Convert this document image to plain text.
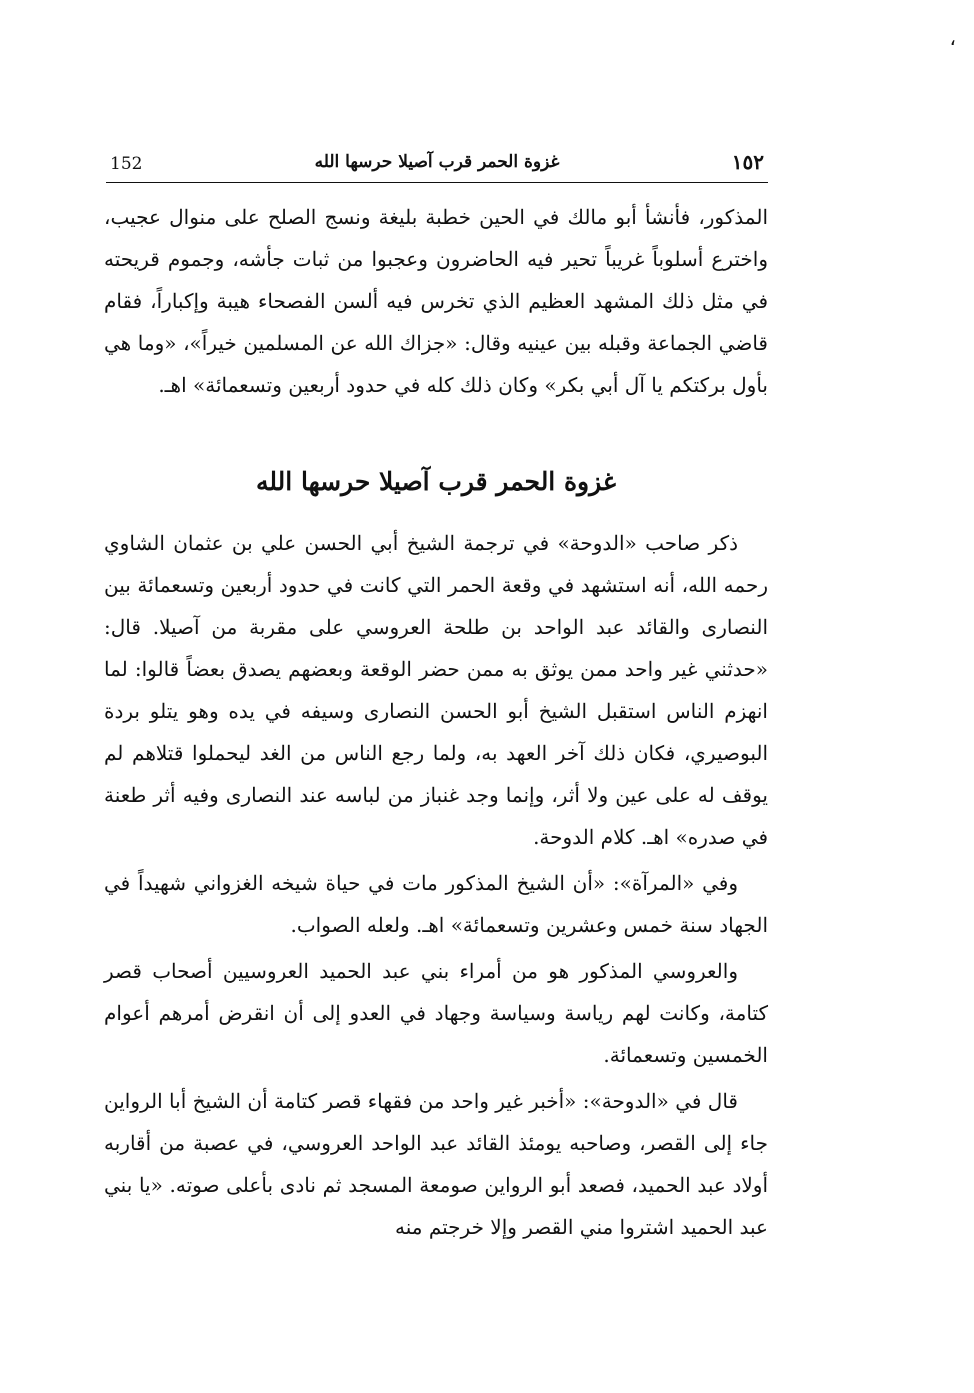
،
152	غزوة الحمر قرب آصيلا حرسها الله	١٥٢

المذكور، فأنشأ أبو مالك في الحين خطبة بليغة ونسج الصلح على منوال عجيب، واخترع أسلوباً غريباً تحير فيه الحاضرون وعجبوا من ثبات جأشه، وجموم قريحته في مثل ذلك المشهد العظيم الذي تخرس فيه ألسن الفصحاء هيبة وإكباراً، فقام قاضي الجماعة وقبله بين عينيه وقال: «جزاك الله عن المسلمين خيراً»، «وما هي بأول بركتكم يا آل أبي بكر» وكان ذلك كله في حدود أربعين وتسعمائة» اهـ.

غزوة الحمر قرب آصيلا حرسها الله

ذكر صاحب «الدوحة» في ترجمة الشيخ أبي الحسن علي بن عثمان الشاوي رحمه الله، أنه استشهد في وقعة الحمر التي كانت في حدود أربعين وتسعمائة بين النصارى والقائد عبد الواحد بن طلحة العروسي على مقربة من آصيلا. قال: «حدثني غير واحد ممن يوثق به ممن حضر الوقعة وبعضهم يصدق بعضاً قالوا: لما انهزم الناس استقبل الشيخ أبو الحسن النصارى وسيفه في يده وهو يتلو بردة البوصيري، فكان ذلك آخر العهد به، ولما رجع الناس من الغد ليحملوا قتلاهم لم يوقف له على عين ولا أثر، وإنما وجد غنباز من لباسه عند النصارى وفيه أثر طعنة في صدره» اهـ. كلام الدوحة.

وفي «المرآة»: «أن الشيخ المذكور مات في حياة شيخه الغزواني شهيداً في الجهاد سنة خمس وعشرين وتسعمائة» اهـ. ولعله الصواب.

والعروسي المذكور هو من أمراء بني عبد الحميد العروسيين أصحاب قصر كتامة، وكانت لهم رياسة وسياسة وجهاد في العدو إلى أن انقرض أمرهم أعوام الخمسين وتسعمائة.

قال في «الدوحة»: «أخبر غير واحد من فقهاء قصر كتامة أن الشيخ أبا الرواين جاء إلى القصر، وصاحبه يومئذ القائد عبد الواحد العروسي، في عصبة من أقاربه أولاد عبد الحميد، فصعد أبو الرواين صومعة المسجد ثم نادى بأعلى صوته. «يا بني عبد الحميد اشتروا مني القصر وإلا خرجتم منه
